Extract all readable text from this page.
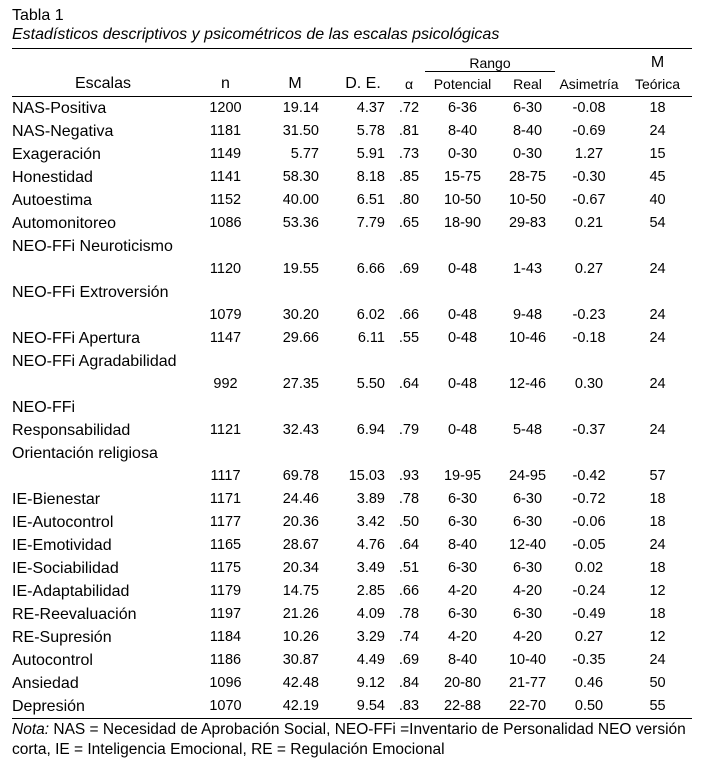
Tabla 1
Estadísticos descriptivos y psicométricos de las escalas psicológicas
					Rango			M
Escalas	n	M	D. E.	α	Potencial	Real	Asimetría	Teórica
NAS-Positiva	1200	19.14	4.37	.72	6-36	6-30	-0.08	18
NAS-Negativa	1181	31.50	5.78	.81	8-40	8-40	-0.69	24
Exageración	1149	5.77	5.91	.73	0-30	0-30	1.27	15
Honestidad	1141	58.30	8.18	.85	15-75	28-75	-0.30	45
Autoestima	1152	40.00	6.51	.80	10-50	10-50	-0.67	40
Automonitoreo	1086	53.36	7.79	.65	18-90	29-83	0.21	54
NEO-FFi Neuroticismo	1120	19.55	6.66	.69	0-48	1-43	0.27	24
NEO-FFi Extroversión	1079	30.20	6.02	.66	0-48	9-48	-0.23	24
NEO-FFi Apertura	1147	29.66	6.11	.55	0-48	10-46	-0.18	24
NEO-FFi Agradabilidad	992	27.35	5.50	.64	0-48	12-46	0.30	24
NEO-FFi Responsabilidad	1121	32.43	6.94	.79	0-48	5-48	-0.37	24
Orientación religiosa	1117	69.78	15.03	.93	19-95	24-95	-0.42	57
IE-Bienestar	1171	24.46	3.89	.78	6-30	6-30	-0.72	18
IE-Autocontrol	1177	20.36	3.42	.50	6-30	6-30	-0.06	18
IE-Emotividad	1165	28.67	4.76	.64	8-40	12-40	-0.05	24
IE-Sociabilidad	1175	20.34	3.49	.51	6-30	6-30	0.02	18
IE-Adaptabilidad	1179	14.75	2.85	.66	4-20	4-20	-0.24	12
RE-Reevaluación	1197	21.26	4.09	.78	6-30	6-30	-0.49	18
RE-Supresión	1184	10.26	3.29	.74	4-20	4-20	0.27	12
Autocontrol	1186	30.87	4.49	.69	8-40	10-40	-0.35	24
Ansiedad	1096	42.48	9.12	.84	20-80	21-77	0.46	50
Depresión	1070	42.19	9.54	.83	22-88	22-70	0.50	55
Nota: NAS = Necesidad de Aprobación Social, NEO-FFi =Inventario de Personalidad NEO versión corta, IE = Inteligencia Emocional, RE = Regulación Emocional
